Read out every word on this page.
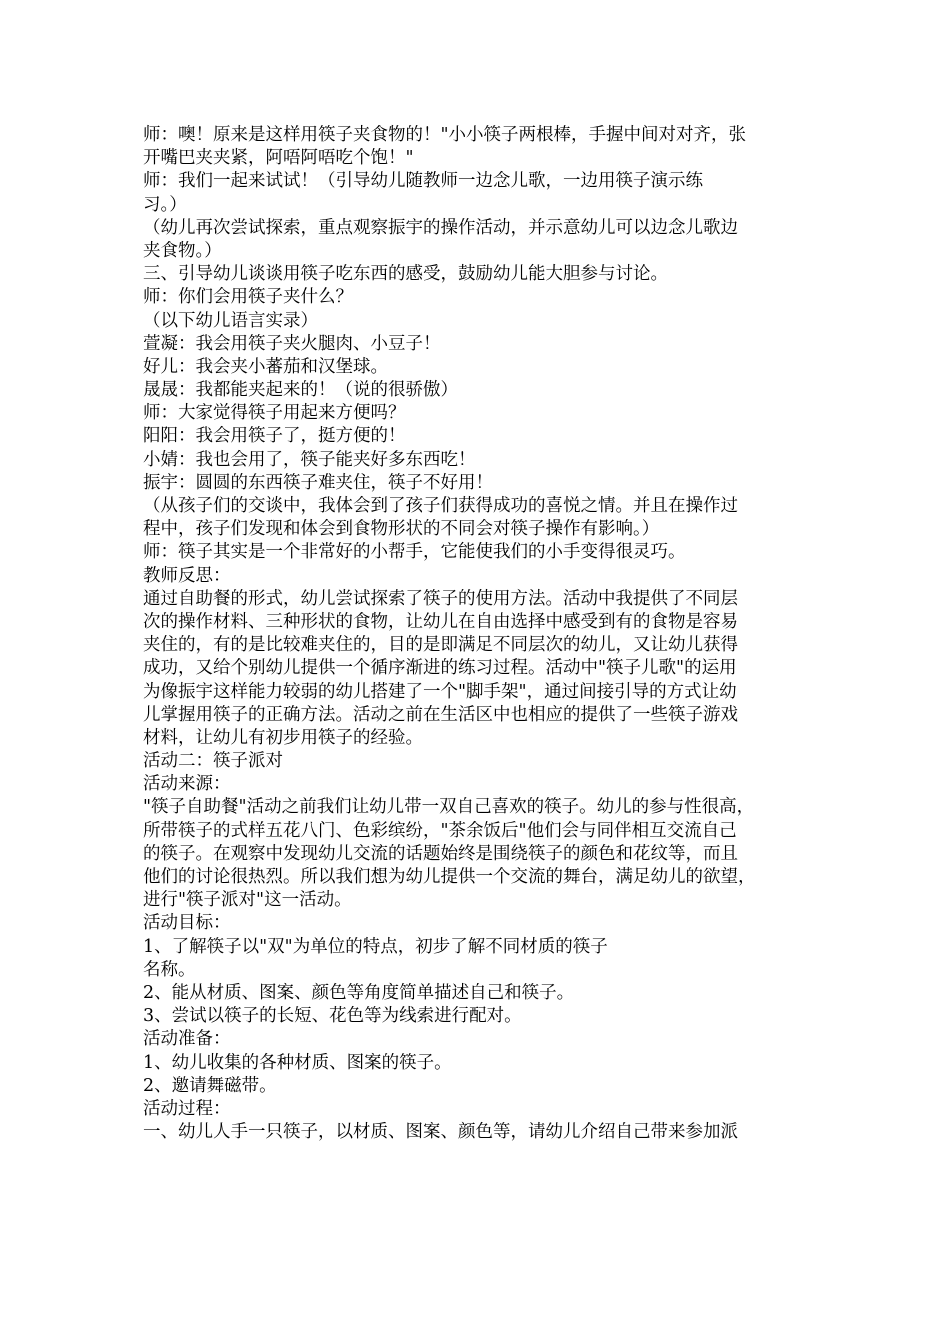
师：噢！原来是这样用筷子夹食物的！"小小筷子两根棒，手握中间对对齐，张
开嘴巴夹夹紧，阿唔阿唔吃个饱！"
师：我们一起来试试！（引导幼儿随教师一边念儿歌，一边用筷子演示练
习。）
（幼儿再次尝试探索，重点观察振宇的操作活动，并示意幼儿可以边念儿歌边
夹食物。）
三、引导幼儿谈谈用筷子吃东西的感受，鼓励幼儿能大胆参与讨论。
师：你们会用筷子夹什么？
（以下幼儿语言实录）
萱凝：我会用筷子夹火腿肉、小豆子！
好儿：我会夹小蕃茄和汉堡球。
晟晟：我都能夹起来的！（说的很骄傲）
师：大家觉得筷子用起来方便吗？
阳阳：我会用筷子了，挺方便的！
小婧：我也会用了，筷子能夹好多东西吃！
振宇：圆圆的东西筷子难夹住，筷子不好用！
（从孩子们的交谈中，我体会到了孩子们获得成功的喜悦之情。并且在操作过
程中，孩子们发现和体会到食物形状的不同会对筷子操作有影响。）
师：筷子其实是一个非常好的小帮手，它能使我们的小手变得很灵巧。
教师反思：
通过自助餐的形式，幼儿尝试探索了筷子的使用方法。活动中我提供了不同层
次的操作材料、三种形状的食物，让幼儿在自由选择中感受到有的食物是容易
夹住的，有的是比较难夹住的，目的是即满足不同层次的幼儿，又让幼儿获得
成功，又给个别幼儿提供一个循序渐进的练习过程。活动中"筷子儿歌"的运用
为像振宇这样能力较弱的幼儿搭建了一个"脚手架"，通过间接引导的方式让幼
儿掌握用筷子的正确方法。活动之前在生活区中也相应的提供了一些筷子游戏
材料，让幼儿有初步用筷子的经验。
活动二：筷子派对
活动来源：
"筷子自助餐"活动之前我们让幼儿带一双自己喜欢的筷子。幼儿的参与性很高，
所带筷子的式样五花八门、色彩缤纷，"茶余饭后"他们会与同伴相互交流自己
的筷子。在观察中发现幼儿交流的话题始终是围绕筷子的颜色和花纹等，而且
他们的讨论很热烈。所以我们想为幼儿提供一个交流的舞台，满足幼儿的欲望，
进行"筷子派对"这一活动。
活动目标：
1、了解筷子以"双"为单位的特点，初步了解不同材质的筷子
名称。
2、能从材质、图案、颜色等角度简单描述自己和筷子。
3、尝试以筷子的长短、花色等为线索进行配对。
活动准备：
1、幼儿收集的各种材质、图案的筷子。
2、邀请舞磁带。
活动过程：
一、幼儿人手一只筷子，以材质、图案、颜色等，请幼儿介绍自己带来参加派
